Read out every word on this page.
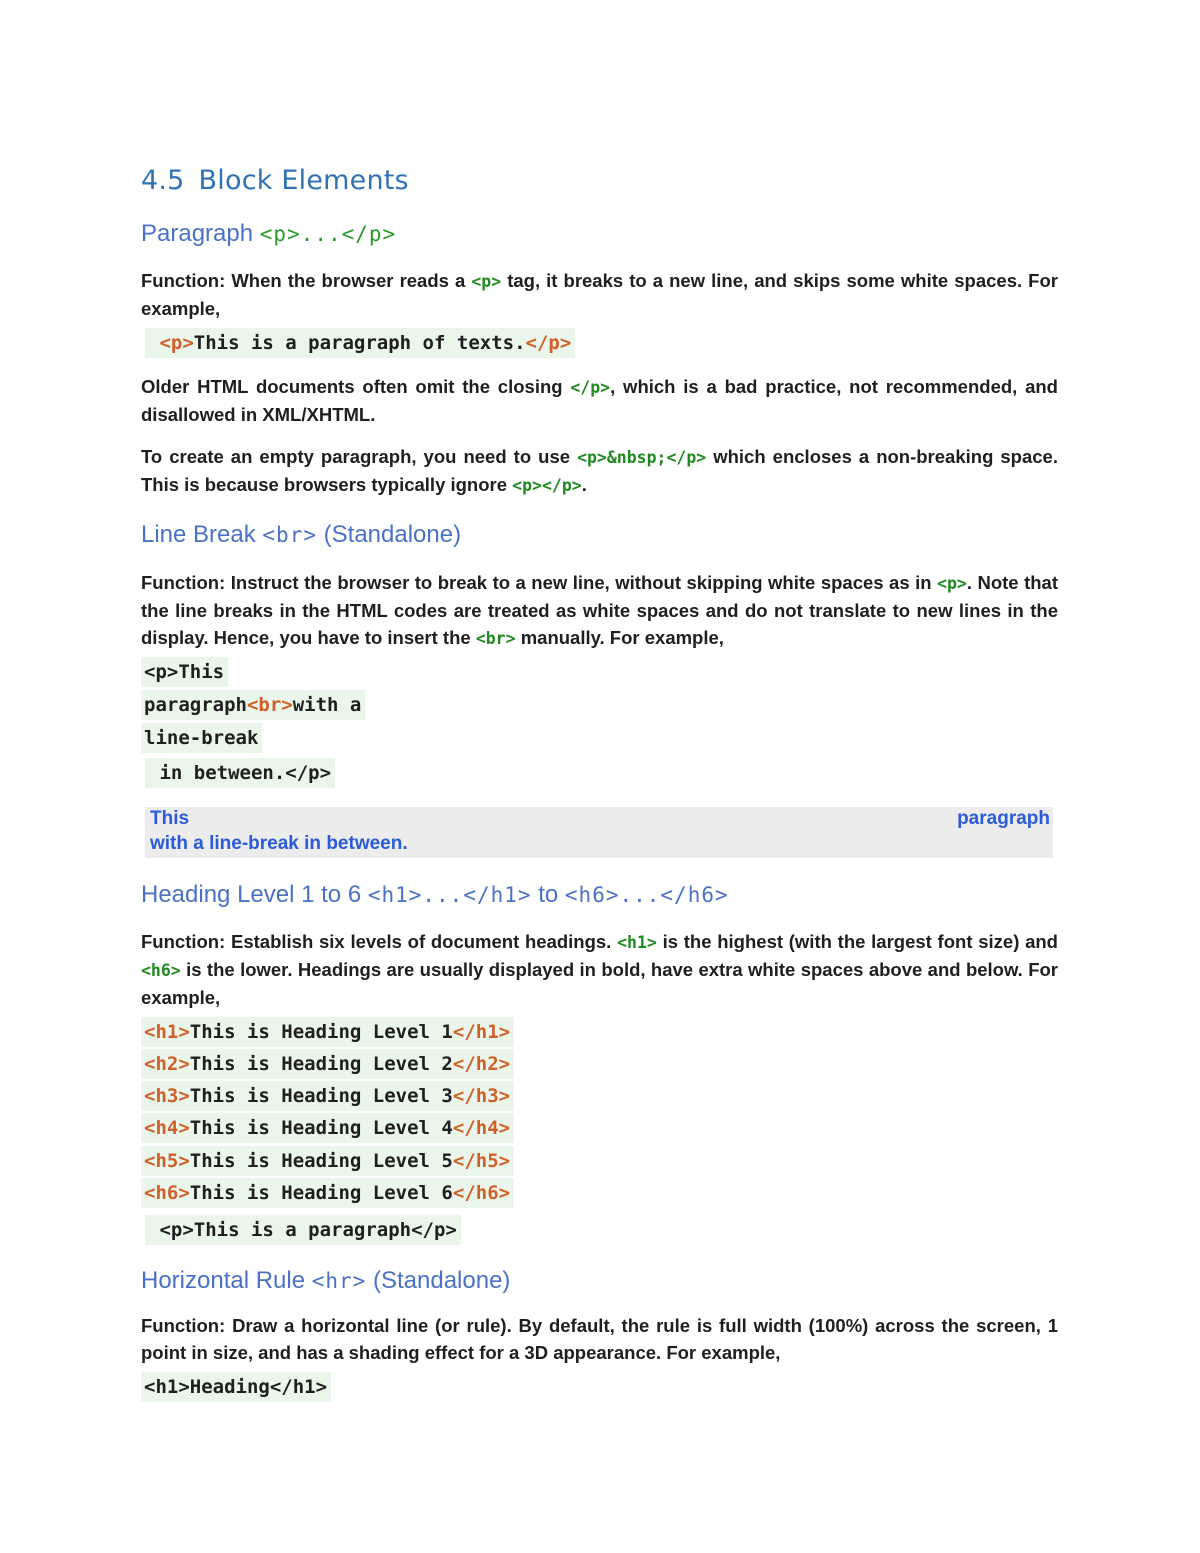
4.5 Block Elements
Paragraph <p>...</p>

Function: When the browser reads a <p> tag, it breaks to a new line, and skips some white spaces. For example,

<p>This is a paragraph of texts.</p>

Older HTML documents often omit the closing </p>, which is a bad practice, not recommended, and disallowed in XML/XHTML.

To create an empty paragraph, you need to use <p>&nbsp;</p> which encloses a non-breaking space. This is because browsers typically ignore <p></p>.

Line Break <br> (Standalone)

Function: Instruct the browser to break to a new line, without skipping white spaces as in <p>. Note that the line breaks in the HTML codes are treated as white spaces and do not translate to new lines in the display. Hence, you have to insert the <br> manually. For example,

<p>This
paragraph<br>with a
line-break
in between.</p>
This	paragraph
with a line-break in between.
Heading Level 1 to 6 <h1>...</h1> to <h6>...</h6>

Function: Establish six levels of document headings. <h1> is the highest (with the largest font size) and <h6> is the lower. Headings are usually displayed in bold, have extra white spaces above and below. For example,

<h1>This is Heading Level 1</h1>
<h2>This is Heading Level 2</h2>
<h3>This is Heading Level 3</h3>
<h4>This is Heading Level 4</h4>
<h5>This is Heading Level 5</h5>
<h6>This is Heading Level 6</h6>
<p>This is a paragraph</p>
Horizontal Rule <hr> (Standalone)

Function: Draw a horizontal line (or rule). By default, the rule is full width (100%) across the screen, 1 point in size, and has a shading effect for a 3D appearance. For example,

<h1>Heading</h1>
